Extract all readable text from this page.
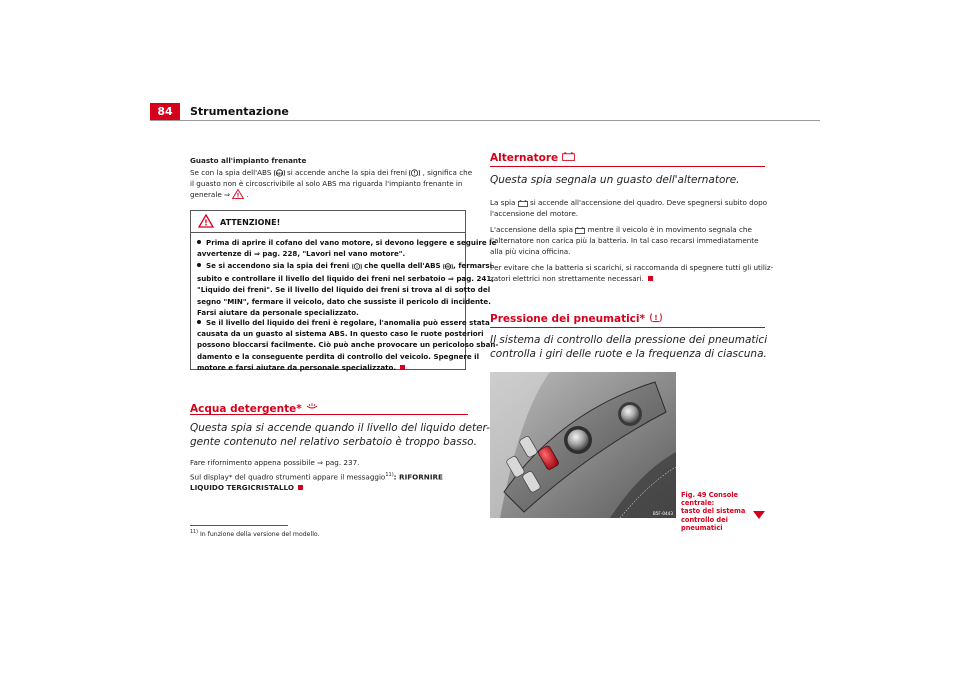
84	Strumentazione
Guasto all'impianto frenante
Se con la spia dell'ABS ABS si accende anche la spia dei freni ! , significa che
il guasto non è circoscrivibile al solo ABS ma riguarda l'impianto frenante in
generale ⇒ ! .
! ATTENZIONE!
Prima di aprire il cofano del vano motore, si devono leggere e seguire le
avvertenze di ⇒ pag. 228, "Lavori nel vano motore".
Se si accendono sia la spia dei freni ! che quella dell'ABS ABS , fermarsi
subito e controllare il livello del liquido dei freni nel serbatoio ⇒ pag. 241,
"Liquido dei freni". Se il livello del liquido dei freni si trova al di sotto del
segno "MIN", fermare il veicolo, dato che sussiste il pericolo di incidente.
Farsi aiutare da personale specializzato.
Se il livello del liquido dei freni è regolare, l'anomalia può essere stata
causata da un guasto al sistema ABS. In questo caso le ruote posteriori
possono bloccarsi facilmente. Ciò può anche provocare un pericoloso sban-
damento e la conseguente perdita di controllo del veicolo. Spegnere il
motore e farsi aiutare da personale specializzato.
Acqua detergente*
Questa spia si accende quando il livello del liquido deter-
gente contenuto nel relativo serbatoio è troppo basso.
Fare rifornimento appena possibile ⇒ pag. 237.
Sul display* del quadro strumenti appare il messaggio$^{11)}$: RIFORNIRE
LIQUIDO TERGICRISTALLO
$^{11)}$ In funzione della versione del modello.
Alternatore
Questa spia segnala un guasto dell'alternatore.
La spia si accende all'accensione del quadro. Deve spegnersi subito dopo
l'accensione del motore.
L'accensione della spia mentre il veicolo è in movimento segnala che
l'alternatore non carica più la batteria. In tal caso recarsi immediatamente
alla più vicina officina.
Per evitare che la batteria si scarichi, si raccomanda di spegnere tutti gli utiliz-
zatori elettrici non strettamente necessari.
Pressione dei pneumatici* !
Il sistema di controllo della pressione dei pneumatici
controlla i giri delle ruote e la frequenza di ciascuna.
B5F-0443
Fig. 49 Console centrale:
tasto del sistema
controllo dei pneumatici
